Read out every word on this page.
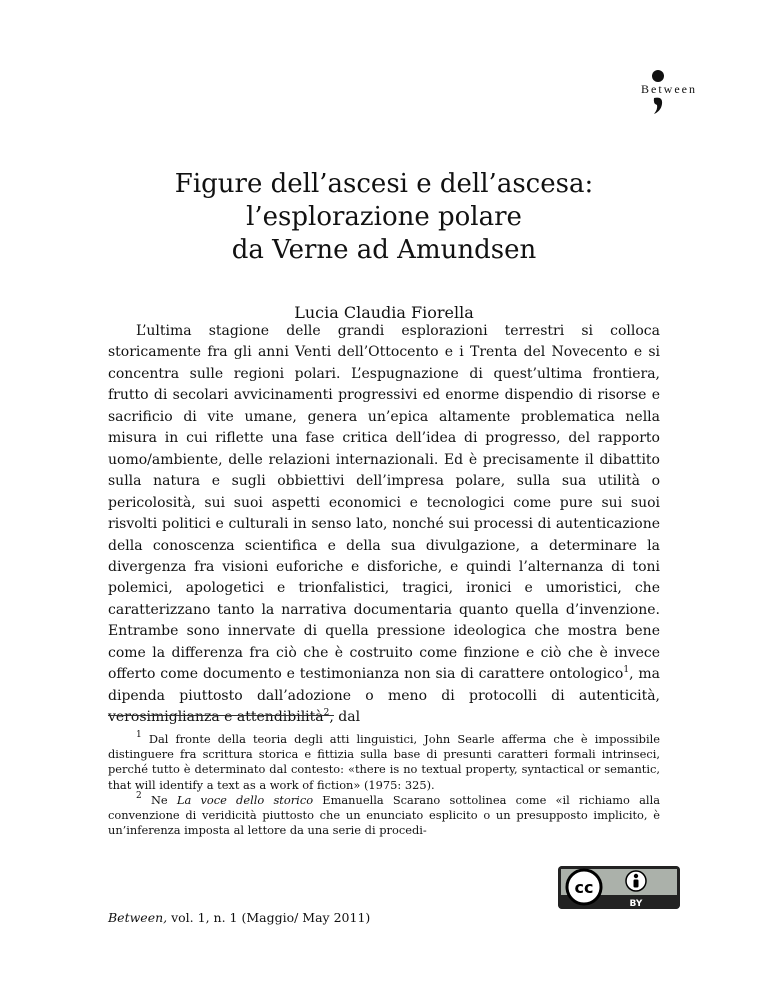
Between
Figure dell’ascesi e dell’ascesa:
l’esplorazione polare
da Verne ad Amundsen

Lucia Claudia Fiorella

L’ultima stagione delle grandi esplorazioni terrestri si colloca storicamente fra gli anni Venti dell’Ottocento e i Trenta del Novecento e si concentra sulle regioni polari. L’espugnazione di quest’ultima frontiera, frutto di secolari avvicinamenti progressivi ed enorme dispendio di risorse e sacrificio di vite umane, genera un’epica altamente problematica nella misura in cui riflette una fase critica dell’idea di progresso, del rapporto uomo/ambiente, delle relazioni internazionali. Ed è precisamente il dibattito sulla natura e sugli obbiettivi dell’impresa polare, sulla sua utilità o pericolosità, sui suoi aspetti economici e tecnologici come pure sui suoi risvolti politici e culturali in senso lato, nonché sui processi di autenticazione della conoscenza scientifica e della sua divulgazione, a determinare la divergenza fra visioni euforiche e disforiche, e quindi l’alternanza di toni polemici, apologetici e trionfalistici, tragici, ironici e umoristici, che caratterizzano tanto la narrativa documentaria quanto quella d’invenzione. Entrambe sono innervate di quella pressione ideologica che mostra bene come la differenza fra ciò che è costruito come finzione e ciò che è invece offerto come documento e testimonianza non sia di carattere ontologico$^1$, ma dipenda piuttosto dall’adozione o meno di protocolli di autenticità, verosimiglianza e attendibilità$^2$, dal

$^1$ Dal fronte della teoria degli atti linguistici, John Searle afferma che è impossibile distinguere fra scrittura storica e fittizia sulla base di presunti caratteri formali intrinseci, perché tutto è determinato dal contesto: «there is no textual property, syntactical or semantic, that will identify a text as a work of fiction» (1975: 325).

$^2$ Ne La voce dello storico Emanuella Scarano sottolinea come «il richiamo alla convenzione di veridicità piuttosto che un enunciato esplicito o un presupposto implicito, è un’inferenza imposta al lettore da una serie di procedi-

Between, vol. 1, n. 1 (Maggio/ May 2011)

cc
BY
